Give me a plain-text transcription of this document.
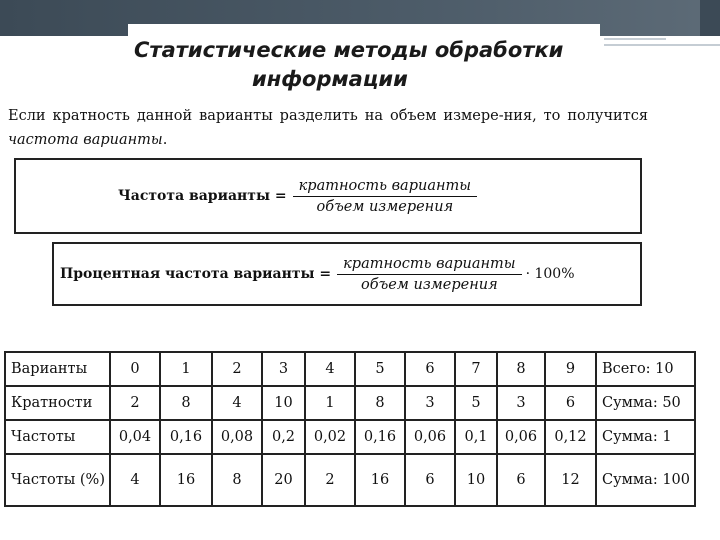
Статистические методы обработки
информации

Если кратность данной варианты разделить на объем измере-ния, то получится частота варианты.

Частота варианты = $\frac{\text{кратность варианты}}{\text{объем измерения}}$
Процентная частота варианты = $\frac{\text{кратность варианты}}{\text{объем измерения}} \cdot 100\%$
Варианты	0	1	2	3	4	5	6	7	8	9	Всего: 10
Кратности	2	8	4	10	1	8	3	5	3	6	Сумма: 50
Частоты	0,04	0,16	0,08	0,2	0,02	0,16	0,06	0,1	0,06	0,12	Сумма: 1
Частоты (%)	4	16	8	20	2	16	6	10	6	12	Сумма: 100
